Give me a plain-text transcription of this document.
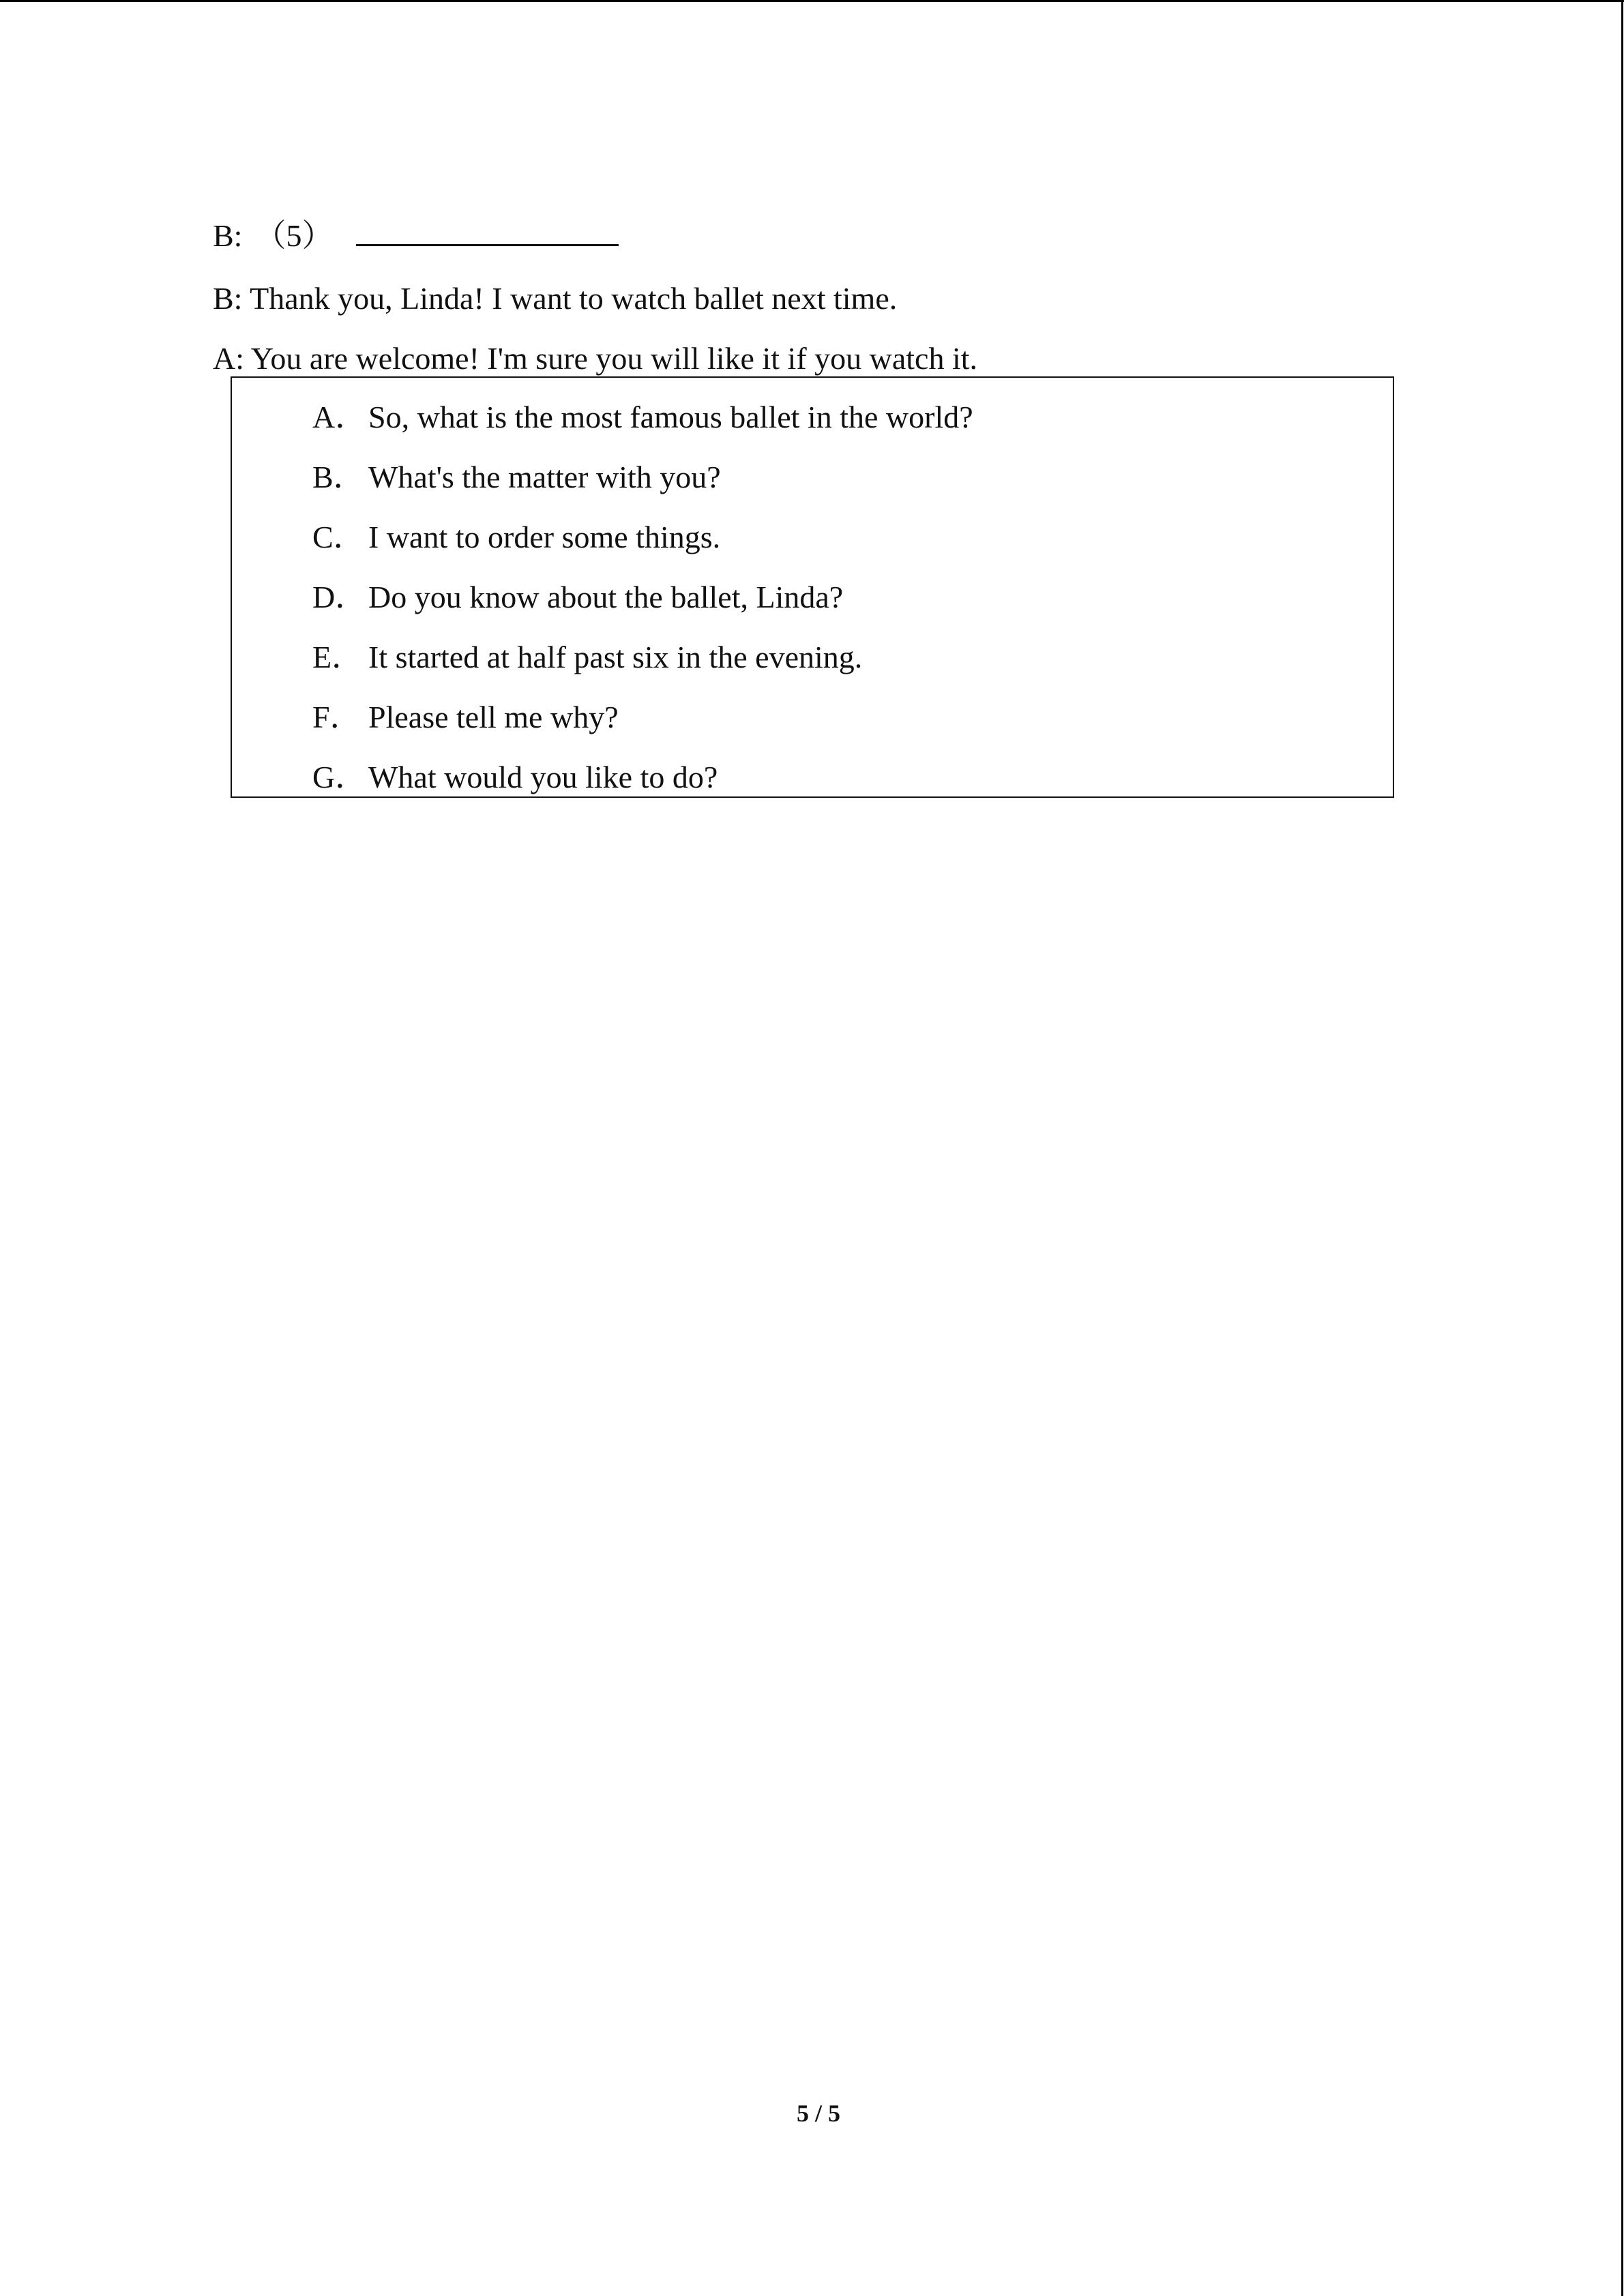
B: （5）
B: Thank you, Linda! I want to watch ballet next time.
A: You are welcome! I'm sure you will like it if you watch it.
A．So, what is the most famous ballet in the world?
B． What's the matter with you?
C． I want to order some things.
D．Do you know about the ballet, Linda?
E． It started at half past six in the evening.
F． Please tell me why?
G．What would you like to do?
5 / 5
